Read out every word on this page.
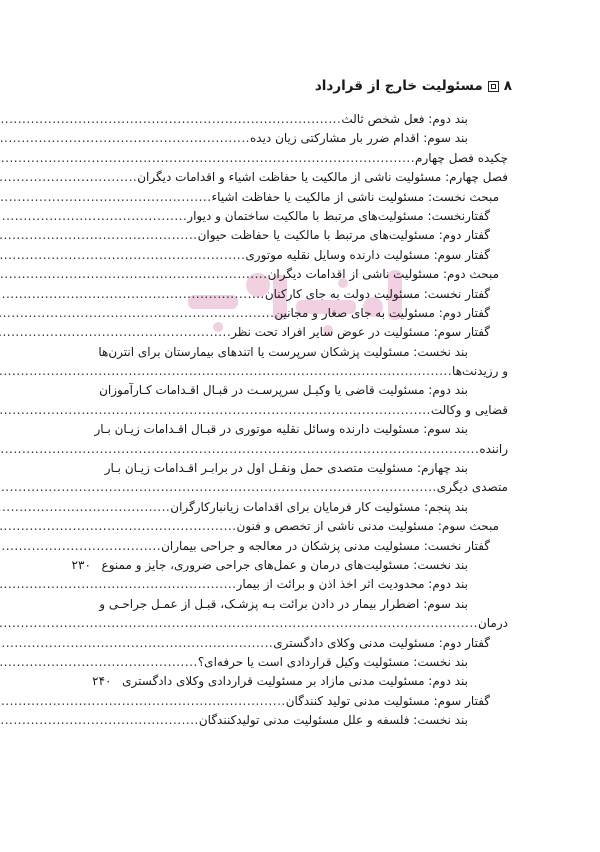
۸
مسئولیت خارج از قرارداد
بند دوم: فعل شخص ثالث
.....
بند سوم: اقدام ضرر بار مشارکتی زیان دیده
.....
چکیده فصل چهارم
.....
فصل چهارم: مسئولیت ناشی از مالکیت یا حفاظت اشیاء و اقدامات دیگران
.....
مبحث نخست: مسئولیت ناشی از مالکیت یا حفاظت اشیاء
.....
گفتارنخست: مسئولیت‌های مرتبط با مالکیت ساختمان و دیوار
.....
گفتار دوم: مسئولیت‌های مرتبط با مالکیت یا حفاظت حیوان
.....
گفتار سوم: مسئولیت دارنده وسایل نقلیه موتوری
.....
مبحث دوم: مسئولیت ناشی از اقدامات دیگران
.....
گفتار نخست: مسئولیت دولت به جای کارکنان
.....
گفتار دوم: مسئولیت به جای صغار و مجانین
.....
گفتار سوم: مسئولیت در عوض سایر افراد تحت نظر
.....
بند نخست: مسئولیت پزشکان سرپرست یا اتندهای بیمارستان برای انترن‌ها
و رزیدنت‌ها
.....
بند دوم: مسئولیت قاضی یا وکیـل سرپرسـت در قبـال اقـدامات کـارآموزان
قضایی و وکالت
.....
بند سوم: مسئولیت دارنده وسائل نقلیه موتوری در قبـال اقـدامات زیـان بـار
راننده
.....
بند چهارم: مسئولیت متصدی حمل ونقـل اول در برابـر اقـدامات زیـان بـار
متصدی دیگری
.....
بند پنجم: مسئولیت کار فرمایان برای اقدامات زیانبارکارگران
.....
مبحث سوم: مسئولیت مدنی ناشی از تخصص و فنون
.....
گفتار نخست: مسئولیت مدنی پزشکان در معالجه و جراحی بیماران
.....
بند نخست: مسئولیت‌های درمان و عمل‌های جراحی ضروری، جایز و ممنوع
۲۳۰
بند دوم: محدودیت اثر اخذ اذن و برائت از بیمار
.....
بند سوم: اضطرار بیمار در دادن برائت بـه پزشـک، قبـل از عمـل جراحـی و
درمان
.....
گفتار دوم: مسئولیت مدنی وکلای دادگستری
.....
بند نخست: مسئولیت وکیل قراردادی است یا حرفه‌ای؟
.....
بند دوم: مسئولیت مدنی مازاد بر مسئولیت قراردادی وکلای دادگستری
۲۴۰
گفتار سوم: مسئولیت مدنی تولید کنندگان
.....
بند نخست: فلسفه و علل مسئولیت مدنی تولیدکنندگان
.....
